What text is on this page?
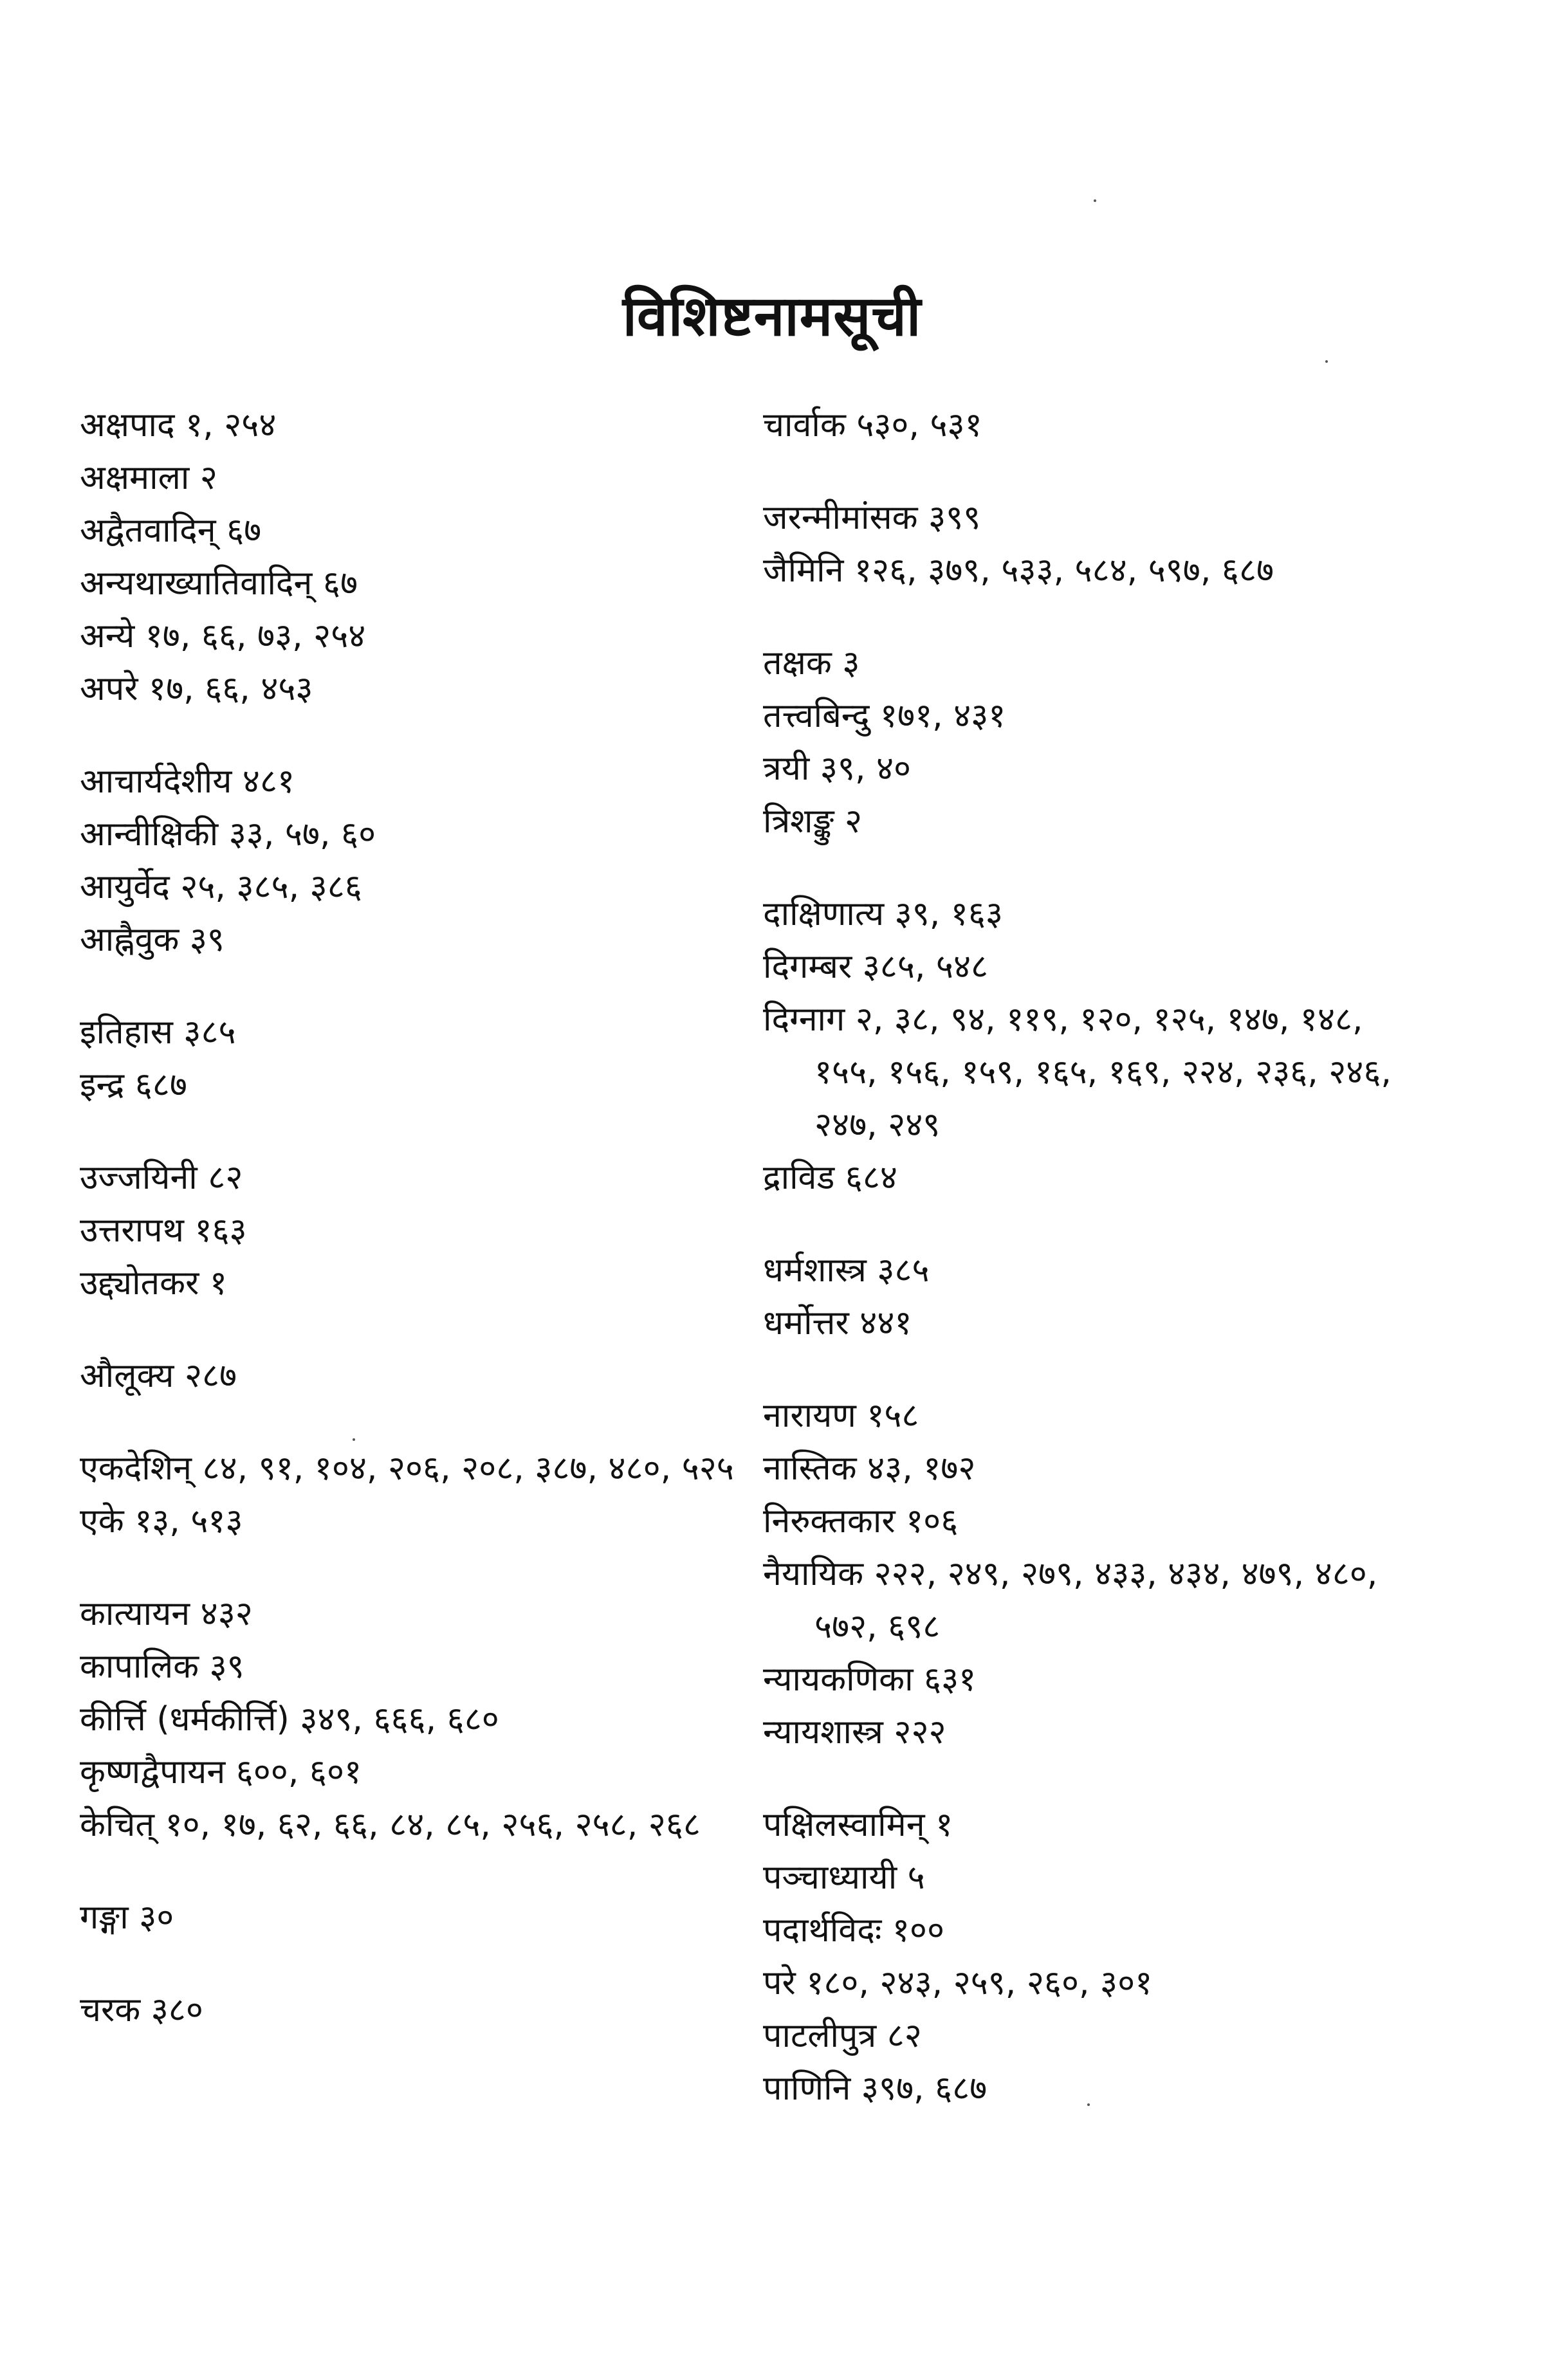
विशिष्टनामसूची
अक्षपाद १, २५४
अक्षमाला २
अद्वैतवादिन् ६७
अन्यथाख्यातिवादिन् ६७
अन्ये १७, ६६, ७३, २५४
अपरे १७, ६६, ४५३
आचार्यदेशीय ४८१
आन्वीक्षिकी ३३, ५७, ६०
आयुर्वेद २५, ३८५, ३८६
आह्नैवुक ३९
इतिहास ३८५
इन्द्र ६८७
उज्जयिनी ८२
उत्तरापथ १६३
उद्द्योतकर १
औलूक्य २८७
एकदेशिन् ८४, ९१, १०४, २०६, २०८, ३८७, ४८०, ५२५
एके १३, ५१३
कात्यायन ४३२
कापालिक ३९
कीर्त्ति (धर्मकीर्त्ति) ३४९, ६६६, ६८०
कृष्णद्वैपायन ६००, ६०१
केचित् १०, १७, ६२, ६६, ८४, ८५, २५६, २५८, २६८
गङ्गा ३०
चरक ३८०
चार्वाक ५३०, ५३१
जरन्मीमांसक ३९९
जैमिनि १२६, ३७९, ५३३, ५८४, ५९७, ६८७
तक्षक ३
तत्त्वबिन्दु १७१, ४३१
त्रयी ३९, ४०
त्रिशङ्कु २
दाक्षिणात्य ३९, १६३
दिगम्बर ३८५, ५४८
दिग्नाग २, ३८, ९४, ११९, १२०, १२५, १४७, १४८, १५५, १५६, १५९, १६५, १६९, २२४, २३६, २४६, २४७, २४९
द्राविड ६८४
धर्मशास्त्र ३८५
धर्मोत्तर ४४१
नारायण १५८
नास्तिक ४३, १७२
निरुक्तकार १०६
नैयायिक २२२, २४९, २७९, ४३३, ४३४, ४७९, ४८०, ५७२, ६९८
न्यायकणिका ६३१
न्यायशास्त्र २२२
पक्षिलस्वामिन् १
पञ्चाध्यायी ५
पदार्थविदः १००
परे १८०, २४३, २५९, २६०, ३०१
पाटलीपुत्र ८२
पाणिनि ३९७, ६८७
